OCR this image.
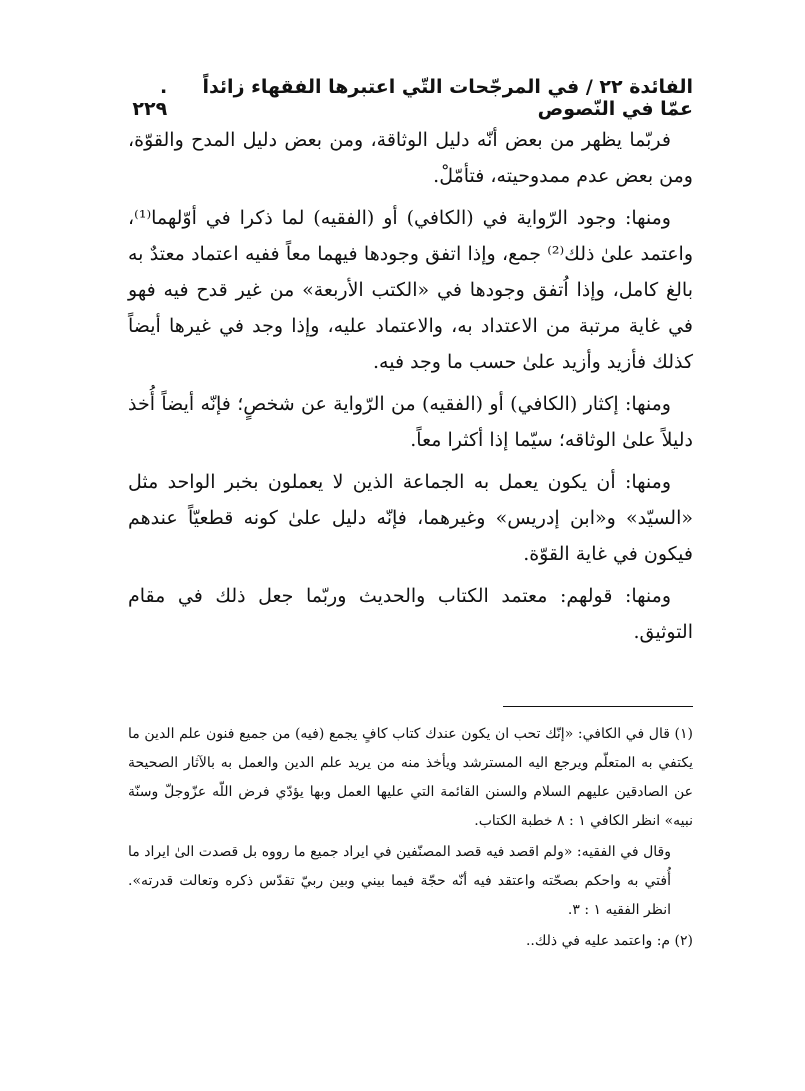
الفائدة ٢٢ / في المرجّحات التّي اعتبرها الفقهاء زائداً عمّا في النّصوص
. ٢٢٩

فربّما يظهر من بعض أنّه دليل الوثاقة، ومن بعض دليل المدح والقوّة، ومن بعض عدم ممدوحيته، فتأمّلْ.

ومنها: وجود الرّواية في (الكافي) أو (الفقيه) لما ذكرا في أوّلهما⁽¹⁾، واعتمد علىٰ ذلك⁽²⁾ جمع، وإذا اتفق وجودها فيهما معاً ففيه اعتماد معتدٌ به بالغ كامل، وإذا اُتفق وجودها في «الكتب الأربعة» من غير قدح فيه فهو في غاية مرتبة من الاعتداد به، والاعتماد عليه، وإذا وجد في غيرها أيضاً كذلك فأزيد وأزيد علىٰ حسب ما وجد فيه.

ومنها: إكثار (الكافي) أو (الفقيه) من الرّواية عن شخصٍ؛ فإنّه أيضاً أُخذ دليلاً علىٰ الوثاقه؛ سيّما إذا أكثرا معاً.

ومنها: أن يكون يعمل به الجماعة الذين لا يعملون بخبر الواحد مثل «السيّد» و«ابن إدريس» وغيرهما، فإنّه دليل علىٰ كونه قطعيّاً عندهم فيكون في غاية القوّة.

ومنها: قولهم: معتمد الكتاب والحديث وربّما جعل ذلك في مقام التوثيق.

(١) قال في الكافي: «إنّك تحب ان يكون عندك كتاب كافٍ يجمع (فيه) من جميع فنون علم الدين ما يكتفي به المتعلّم ويرجع اليه المسترشد ويأخذ منه من يريد علم الدين والعمل به بالآثار الصحيحة عن الصادقين عليهم السلام والسنن القائمة التي عليها العمل وبها يؤدّي فرض اللّه عزّوجلّ وسنّة نبيه» انظر الكافي ١ : ٨ خطبة الكتاب.

وقال في الفقيه: «ولم اقصد فيه قصد المصنّفين في ايراد جميع ما رووه بل قصدت الىٰ ايراد ما أُفتي به واحكم بصحّته واعتقد فيه أنّه حجّة فيما بيني وبين ربيّ تقدّس ذكره وتعالت قدرته». انظر الفقيه ١ : ٣.

(٢) م: واعتمد عليه في ذلك..
